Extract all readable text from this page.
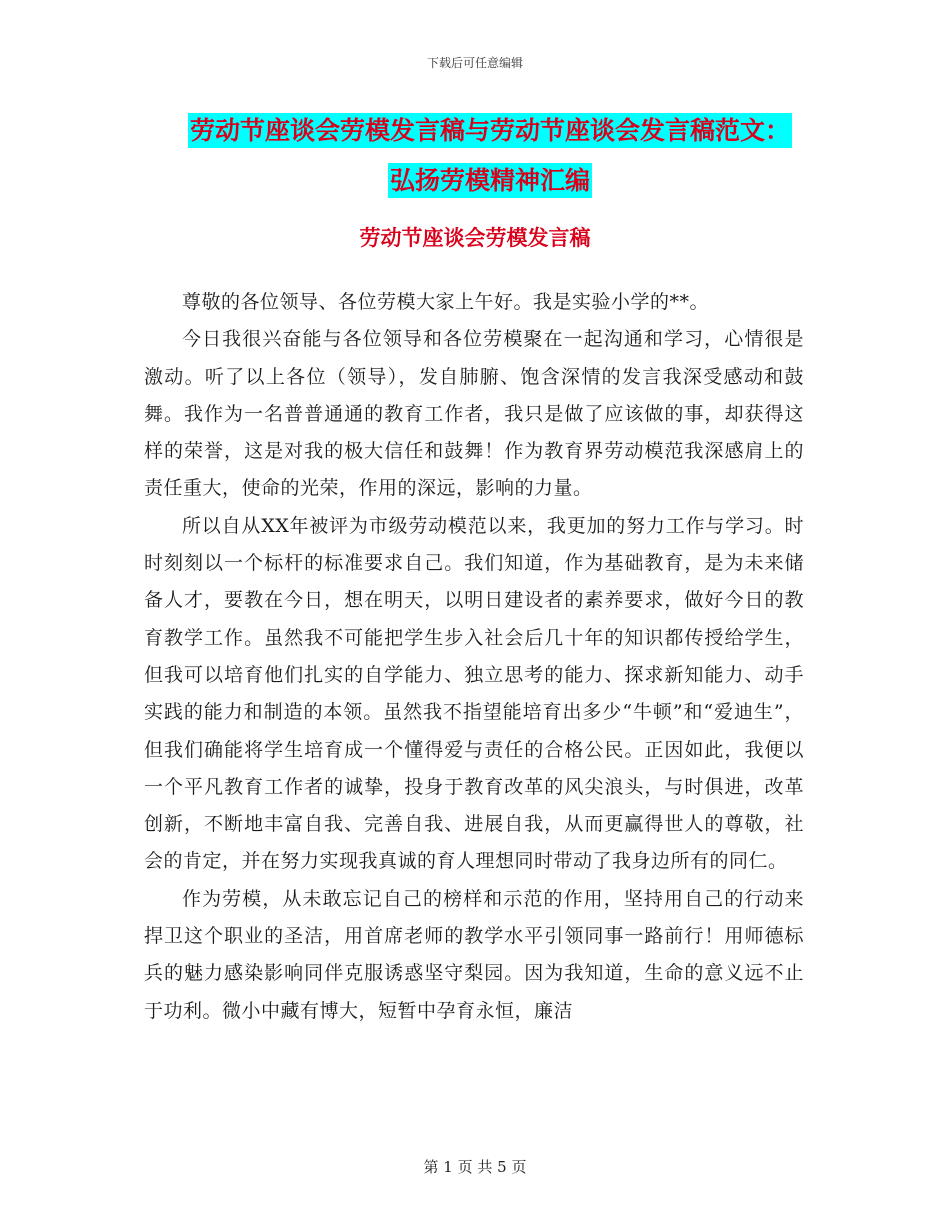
下载后可任意编辑
劳动节座谈会劳模发言稿与劳动节座谈会发言稿范文：
弘扬劳模精神汇编
劳动节座谈会劳模发言稿

尊敬的各位领导、各位劳模大家上午好。我是实验小学的**。

今日我很兴奋能与各位领导和各位劳模聚在一起沟通和学习，心情很是激动。听了以上各位（领导），发自肺腑、饱含深情的发言我深受感动和鼓舞。我作为一名普普通通的教育工作者，我只是做了应该做的事，却获得这样的荣誉，这是对我的极大信任和鼓舞！作为教育界劳动模范我深感肩上的责任重大，使命的光荣，作用的深远，影响的力量。

所以自从XX年被评为市级劳动模范以来，我更加的努力工作与学习。时时刻刻以一个标杆的标准要求自己。我们知道，作为基础教育，是为未来储备人才，要教在今日，想在明天，以明日建设者的素养要求，做好今日的教育教学工作。虽然我不可能把学生步入社会后几十年的知识都传授给学生，但我可以培育他们扎实的自学能力、独立思考的能力、探求新知能力、动手实践的能力和制造的本领。虽然我不指望能培育出多少“牛顿”和“爱迪生”，但我们确能将学生培育成一个懂得爱与责任的合格公民。正因如此，我便以一个平凡教育工作者的诚挚，投身于教育改革的风尖浪头，与时俱进，改革创新，不断地丰富自我、完善自我、进展自我，从而更赢得世人的尊敬，社会的肯定，并在努力实现我真诚的育人理想同时带动了我身边所有的同仁。

作为劳模，从未敢忘记自己的榜样和示范的作用，坚持用自己的行动来捍卫这个职业的圣洁，用首席老师的教学水平引领同事一路前行！用师德标兵的魅力感染影响同伴克服诱惑坚守梨园。因为我知道，生命的意义远不止于功利。微小中藏有博大，短暂中孕育永恒，廉洁

第 1 页 共 5 页
